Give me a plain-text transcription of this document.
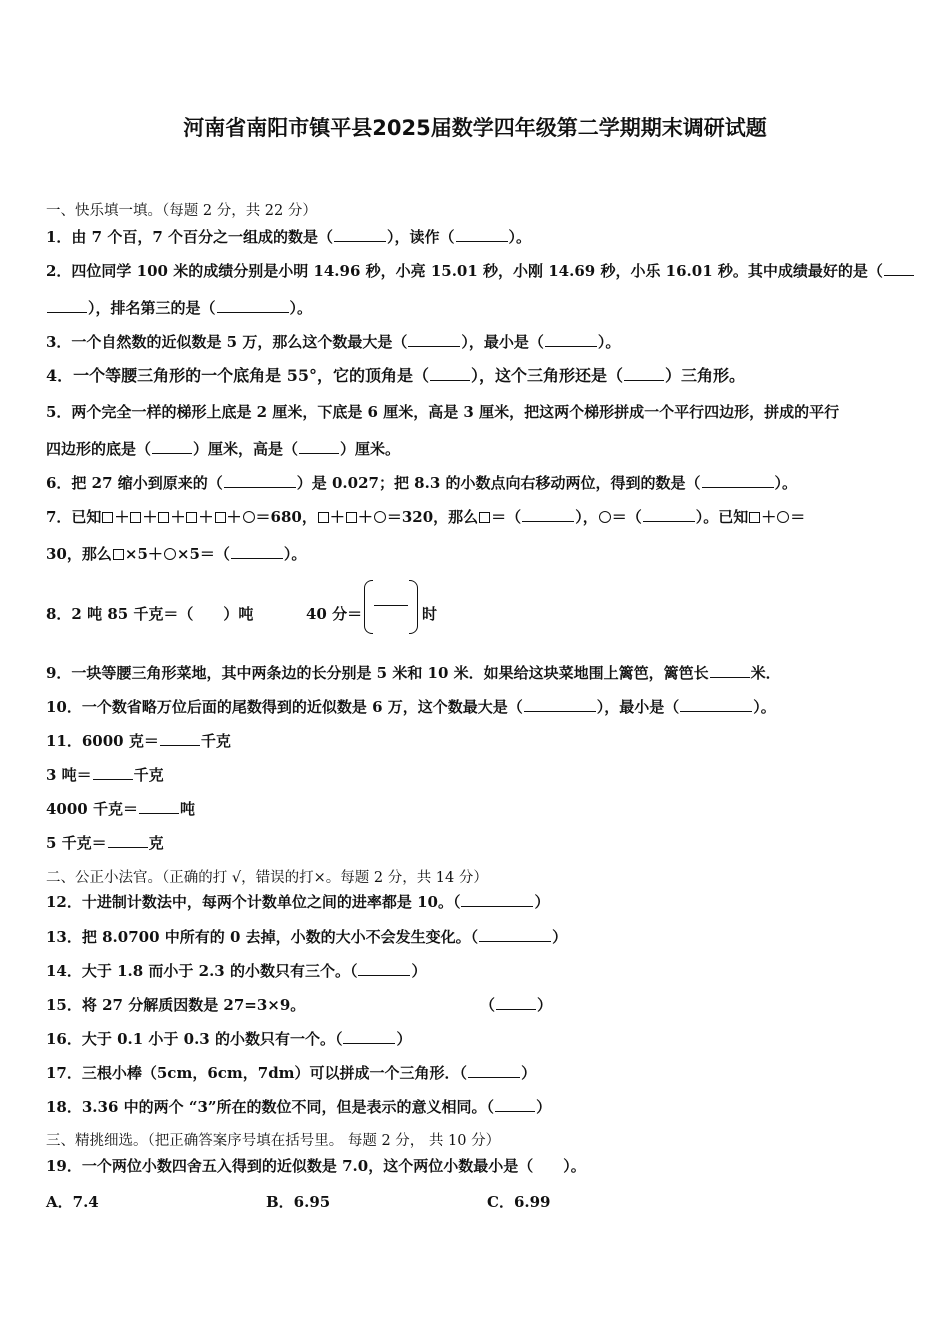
河南省南阳市镇平县2025届数学四年级第二学期期末调研试题
一、快乐填一填。（每题 2 分，共 22 分）
1．由 7 个百，7 个百分之一组成的数是（	），读作（	）。
2．四位同学 100 米的成绩分别是小明 14.96 秒，小亮 15.01 秒，小刚 14.69 秒，小乐 16.01 秒。其中成绩最好的是（
），排名第三的是（	）。
3．一个自然数的近似数是 5 万，那么这个数最大是（	），最小是（	）。
4．一个等腰三角形的一个底角是 55°，它的顶角是（	），这个三角形还是（	）三角形。
5．两个完全一样的梯形上底是 2 厘米，下底是 6 厘米，高是 3 厘米，把这两个梯形拼成一个平行四边形，拼成的平行
四边形的底是（	）厘米，高是（	）厘米。
6．把 27 缩小到原来的（	）是 0.027；把 8.3 的小数点向右移动两位，得到的数是（	）。
7．已知 ＋ ＋ ＋ ＋ ＋ ＝680， ＋ ＋ ＝320，那么 ＝（	）， ＝（	）。已知 ＋ ＝
30，那么 ×5＋ ×5＝（	）。
8．2 吨 85 千克＝（　　）吨	40 分＝	时
9．一块等腰三角形菜地，其中两条边的长分别是 5 米和 10 米．如果给这块菜地围上篱笆，篱笆长	米．
10．一个数省略万位后面的尾数得到的近似数是 6 万，这个数最大是（	），最小是（	）。
11．6000 克＝	千克
3 吨＝	千克
4000 千克＝	吨
5 千克＝	克
二、公正小法官。（正确的打 √，错误的打×。每题 2 分，共 14 分）
12．十进制计数法中，每两个计数单位之间的进率都是 10。（	）
13．把 8.0700 中所有的 0 去掉，小数的大小不会发生变化。（	）
14．大于 1.8 而小于 2.3 的小数只有三个。（	）
15．将 27 分解质因数是 27=3×9。	（	）
16．大于 0.1 小于 0.3 的小数只有一个。（	）
17．三根小棒（5cm，6cm，7dm）可以拼成一个三角形．（	）
18．3.36 中的两个 “3”所在的数位不同，但是表示的意义相同。（	）
三、精挑细选。（把正确答案序号填在括号里。 每题 2 分， 共 10 分）
19．一个两位小数四舍五入得到的近似数是 7.0，这个两位小数最小是（　　）。
A．7.4	B．6.95	C．6.99
